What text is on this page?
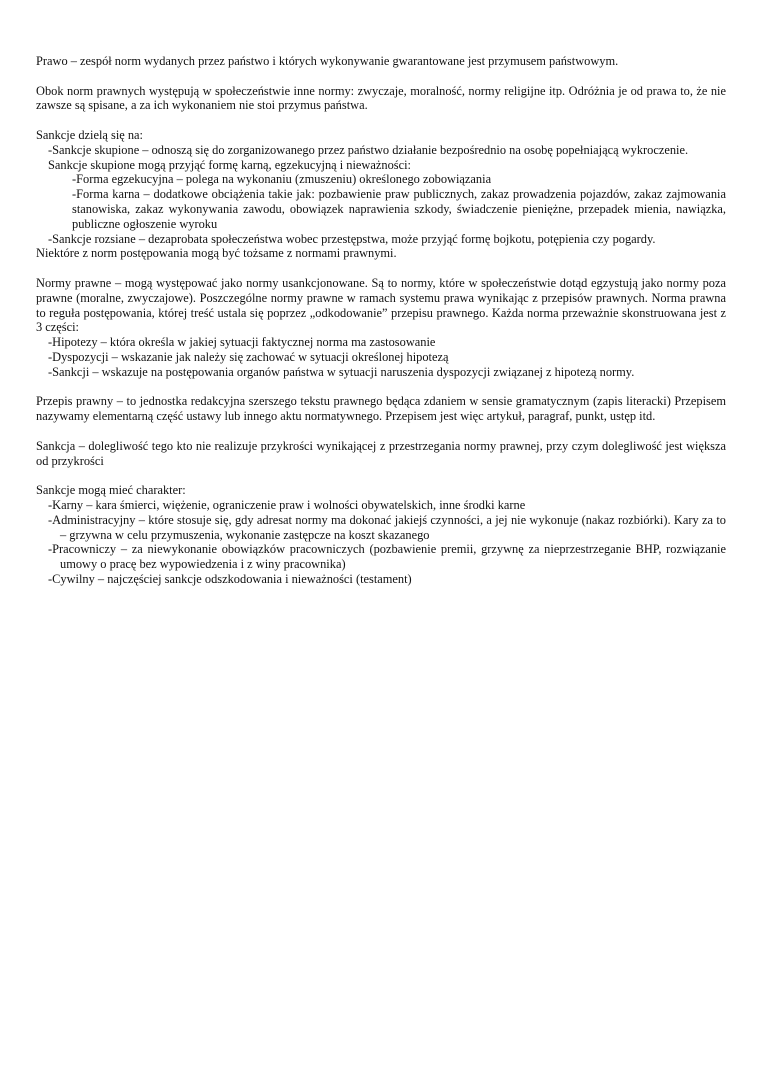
Prawo – zespół norm wydanych przez państwo i których wykonywanie gwarantowane jest przymusem państwowym.

Obok norm prawnych występują w społeczeństwie inne normy: zwyczaje, moralność, normy religijne itp. Odróżnia je od prawa to, że nie zawsze są spisane, a za ich wykonaniem nie stoi przymus państwa.

Sankcje dzielą się na:

-Sankcje skupione – odnoszą się do zorganizowanego przez państwo działanie bezpośrednio na osobę popełniającą wykroczenie.

Sankcje skupione mogą przyjąć formę karną, egzekucyjną i nieważności:

-Forma egzekucyjna – polega na wykonaniu (zmuszeniu) określonego zobowiązania

-Forma karna – dodatkowe obciążenia takie jak: pozbawienie praw publicznych, zakaz prowadzenia pojazdów, zakaz zajmowania stanowiska, zakaz wykonywania zawodu, obowiązek naprawienia szkody, świadczenie pieniężne, przepadek mienia, nawiązka, publiczne ogłoszenie wyroku

-Sankcje rozsiane – dezaprobata społeczeństwa wobec przestępstwa, może przyjąć formę bojkotu, potępienia czy pogardy.

Niektóre z norm postępowania mogą być tożsame z normami prawnymi.

Normy prawne – mogą występować jako normy usankcjonowane. Są to normy, które w społeczeństwie dotąd egzystują jako normy poza prawne (moralne, zwyczajowe). Poszczególne normy prawne w ramach systemu prawa wynikając z przepisów prawnych. Norma prawna to reguła postępowania, której treść ustala się poprzez „odkodowanie” przepisu prawnego. Każda norma przeważnie skonstruowana jest z 3 części:

-Hipotezy – która określa w jakiej sytuacji faktycznej norma ma zastosowanie

-Dyspozycji – wskazanie jak należy się zachować w sytuacji określonej hipotezą

-Sankcji – wskazuje na postępowania organów państwa w sytuacji naruszenia dyspozycji związanej z hipotezą normy.

Przepis prawny – to jednostka redakcyjna szerszego tekstu prawnego będąca zdaniem w sensie gramatycznym (zapis literacki) Przepisem nazywamy elementarną część ustawy lub innego aktu normatywnego. Przepisem jest więc artykuł, paragraf, punkt, ustęp itd.

Sankcja – dolegliwość tego kto nie realizuje przykrości wynikającej z przestrzegania normy prawnej, przy czym dolegliwość jest większa od przykrości

Sankcje mogą mieć charakter:

-Karny – kara śmierci, więżenie, ograniczenie praw i wolności obywatelskich, inne środki karne

-Administracyjny – które stosuje się, gdy adresat normy ma dokonać jakiejś czynności, a jej nie wykonuje (nakaz rozbiórki). Kary za to – grzywna w celu przymuszenia, wykonanie zastępcze na koszt skazanego

-Pracowniczy – za niewykonanie obowiązków pracowniczych (pozbawienie premii, grzywnę za nieprzestrzeganie BHP, rozwiązanie umowy o pracę bez wypowiedzenia i z winy pracownika)

-Cywilny – najczęściej sankcje odszkodowania i nieważności (testament)
